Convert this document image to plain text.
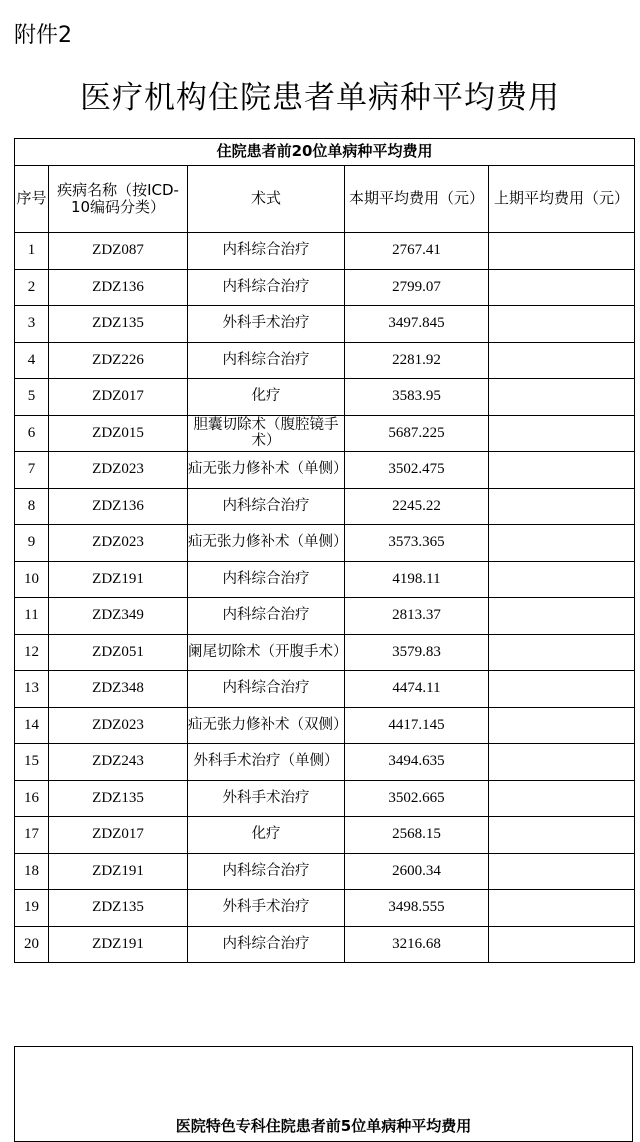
附件2
医疗机构住院患者单病种平均费用
住院患者前20位单病种平均费用				
序号	疾病名称（按ICD-10编码分类）	术式	本期平均费用（元）	上期平均费用（元）
1	ZDZ087	内科综合治疗	2767.41	
2	ZDZ136	内科综合治疗	2799.07	
3	ZDZ135	外科手术治疗	3497.845	
4	ZDZ226	内科综合治疗	2281.92	
5	ZDZ017	化疗	3583.95	
6	ZDZ015	胆囊切除术（腹腔镜手术）	5687.225	
7	ZDZ023	疝无张力修补术（单侧）	3502.475	
8	ZDZ136	内科综合治疗	2245.22	
9	ZDZ023	疝无张力修补术（单侧）	3573.365	
10	ZDZ191	内科综合治疗	4198.11	
11	ZDZ349	内科综合治疗	2813.37	
12	ZDZ051	阑尾切除术（开腹手术）	3579.83	
13	ZDZ348	内科综合治疗	4474.11	
14	ZDZ023	疝无张力修补术（双侧）	4417.145	
15	ZDZ243	外科手术治疗（单侧）	3494.635	
16	ZDZ135	外科手术治疗	3502.665	
17	ZDZ017	化疗	2568.15	
18	ZDZ191	内科综合治疗	2600.34	
19	ZDZ135	外科手术治疗	3498.555	
20	ZDZ191	内科综合治疗	3216.68	
医院特色专科住院患者前5位单病种平均费用
